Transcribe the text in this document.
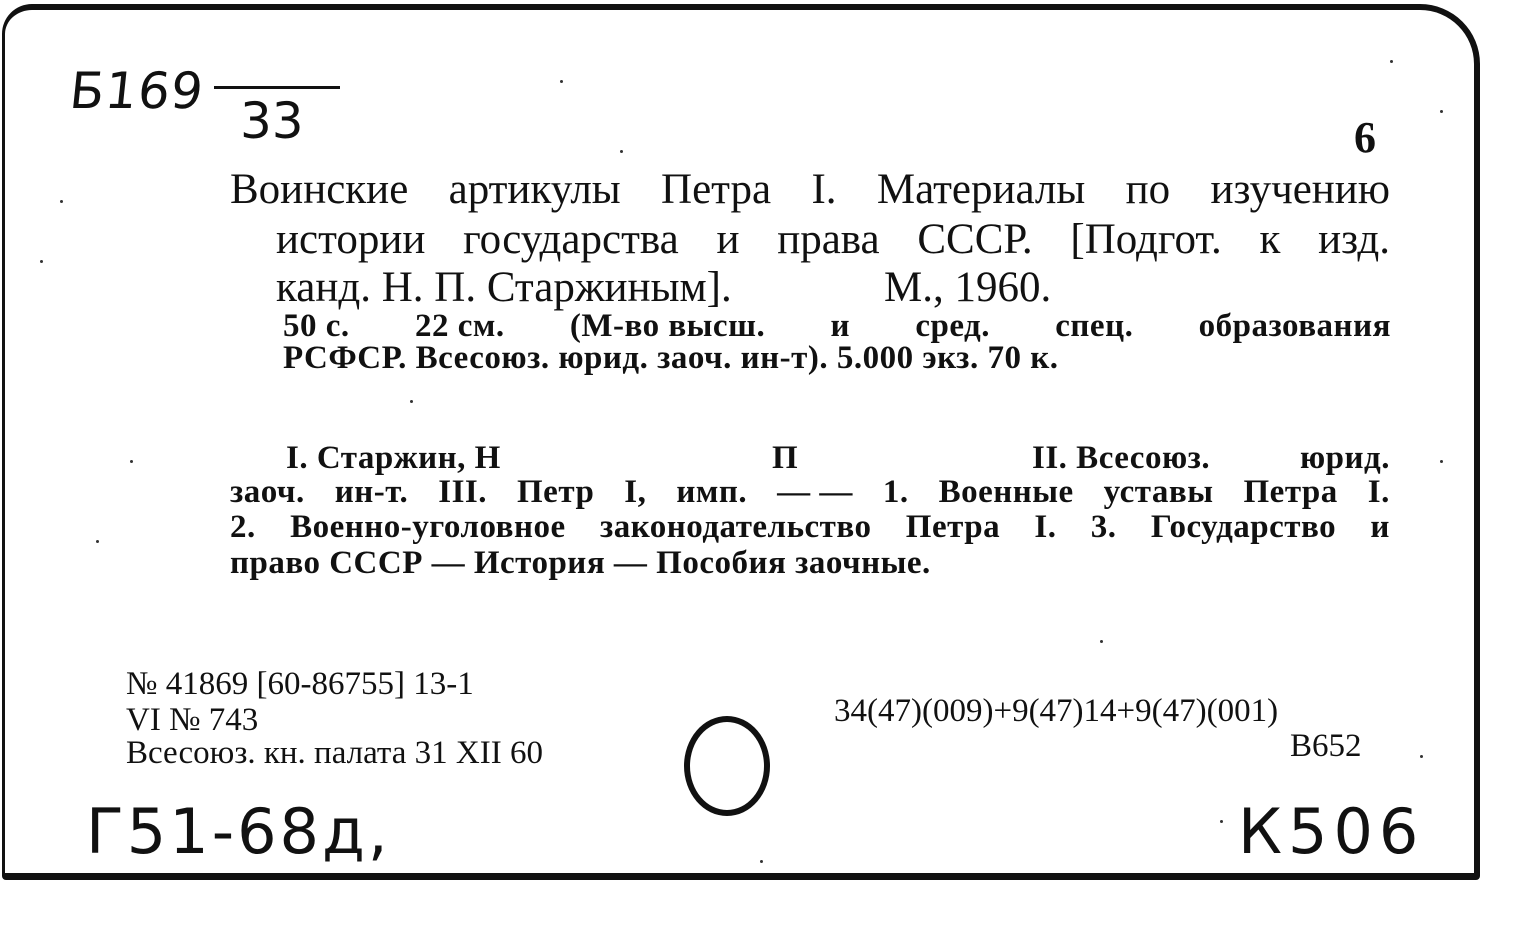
Б169
33	6
Воинские артикулы Петра I. Материалы по изучению
истории государства и права СССР. [Подгот. к изд.
канд. Н. П. Старжиным].	М., 1960.
50 с. 22 см. (М-во высш. и сред. спец. образования
РСФСР. Всесоюз. юрид. заоч. ин-т). 5.000 экз. 70 к.
I. Старжин, Н	П	II. Всесоюз.	юрид.
заоч. ин-т. III. Петр I, имп. — — 1. Военные уставы Петра I.
2. Военно-уголовное законодательство Петра I. 3. Государство и
право СССР — История — Пособия заочные.
№ 41869 [60-86755] 13-1
VI № 743
Всесоюз. кн. палата 31 XII 60
34(47)(009)+9(47)14+9(47)(001)
В652
Г51-68д,	К506
